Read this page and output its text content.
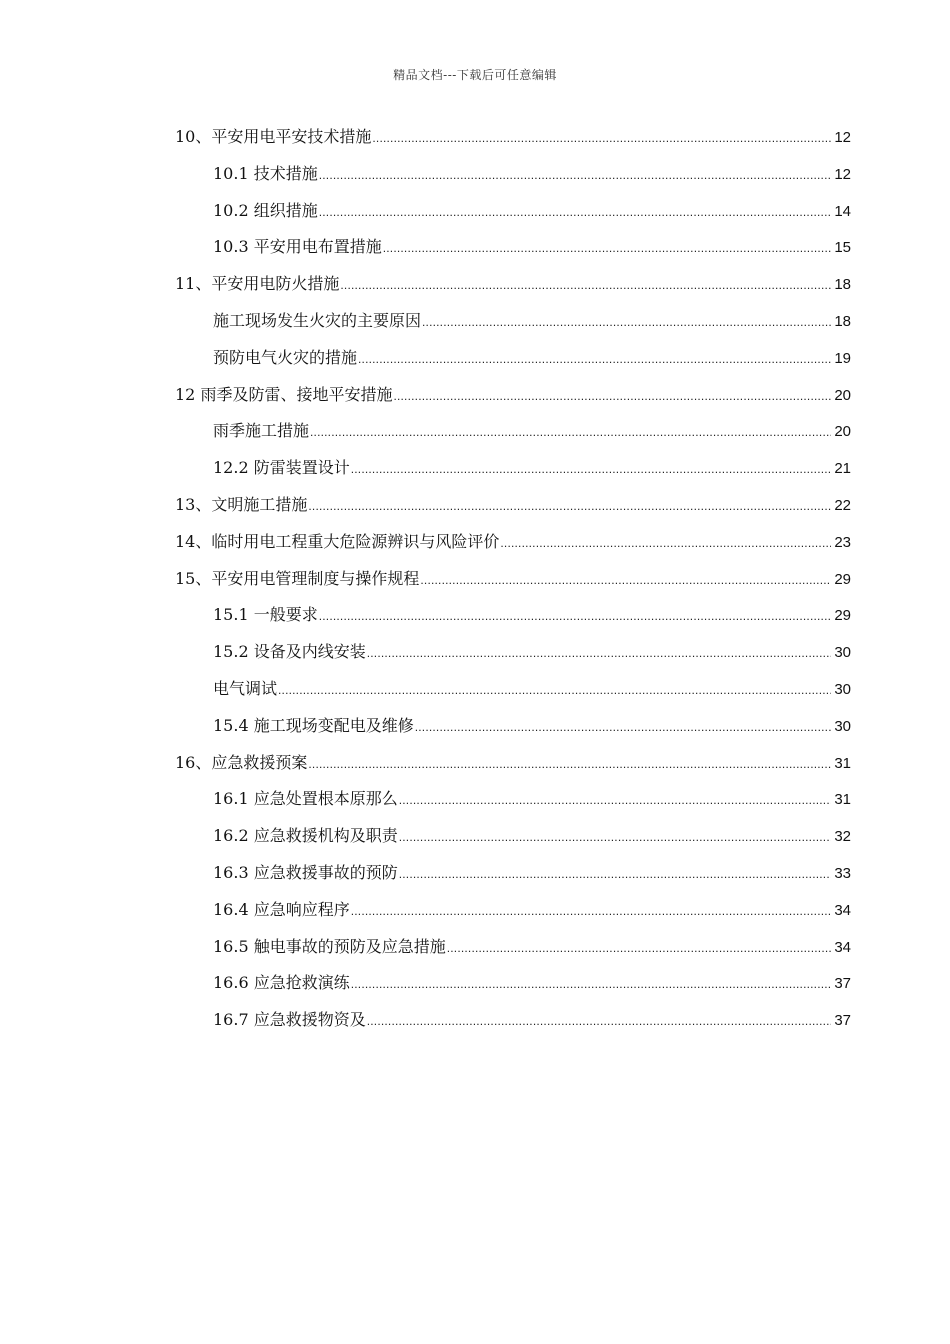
精品文档---下载后可任意编辑
10、平安用电平安技术措施 .....	12
10.1 技术措施 .....	12
10.2 组织措施 .....	14
10.3 平安用电布置措施 .....	15
11、平安用电防火措施 .....	18
施工现场发生火灾的主要原因 .....	18
预防电气火灾的措施 .....	19
12 雨季及防雷、接地平安措施 .....	20
雨季施工措施 .....	20
12.2 防雷装置设计 .....	21
13、文明施工措施 .....	22
14、临时用电工程重大危险源辨识与风险评价 .....	23
15、平安用电管理制度与操作规程 .....	29
15.1 一般要求 .....	29
15.2 设备及内线安装 .....	30
电气调试 .....	30
15.4 施工现场变配电及维修 .....	30
16、应急救援预案 .....	31
16.1 应急处置根本原那么 .....	31
16.2 应急救援机构及职责 .....	32
16.3 应急救援事故的预防 .....	33
16.4 应急响应程序 .....	34
16.5 触电事故的预防及应急措施 .....	34
16.6 应急抢救演练 .....	37
16.7 应急救援物资及 .....	37
